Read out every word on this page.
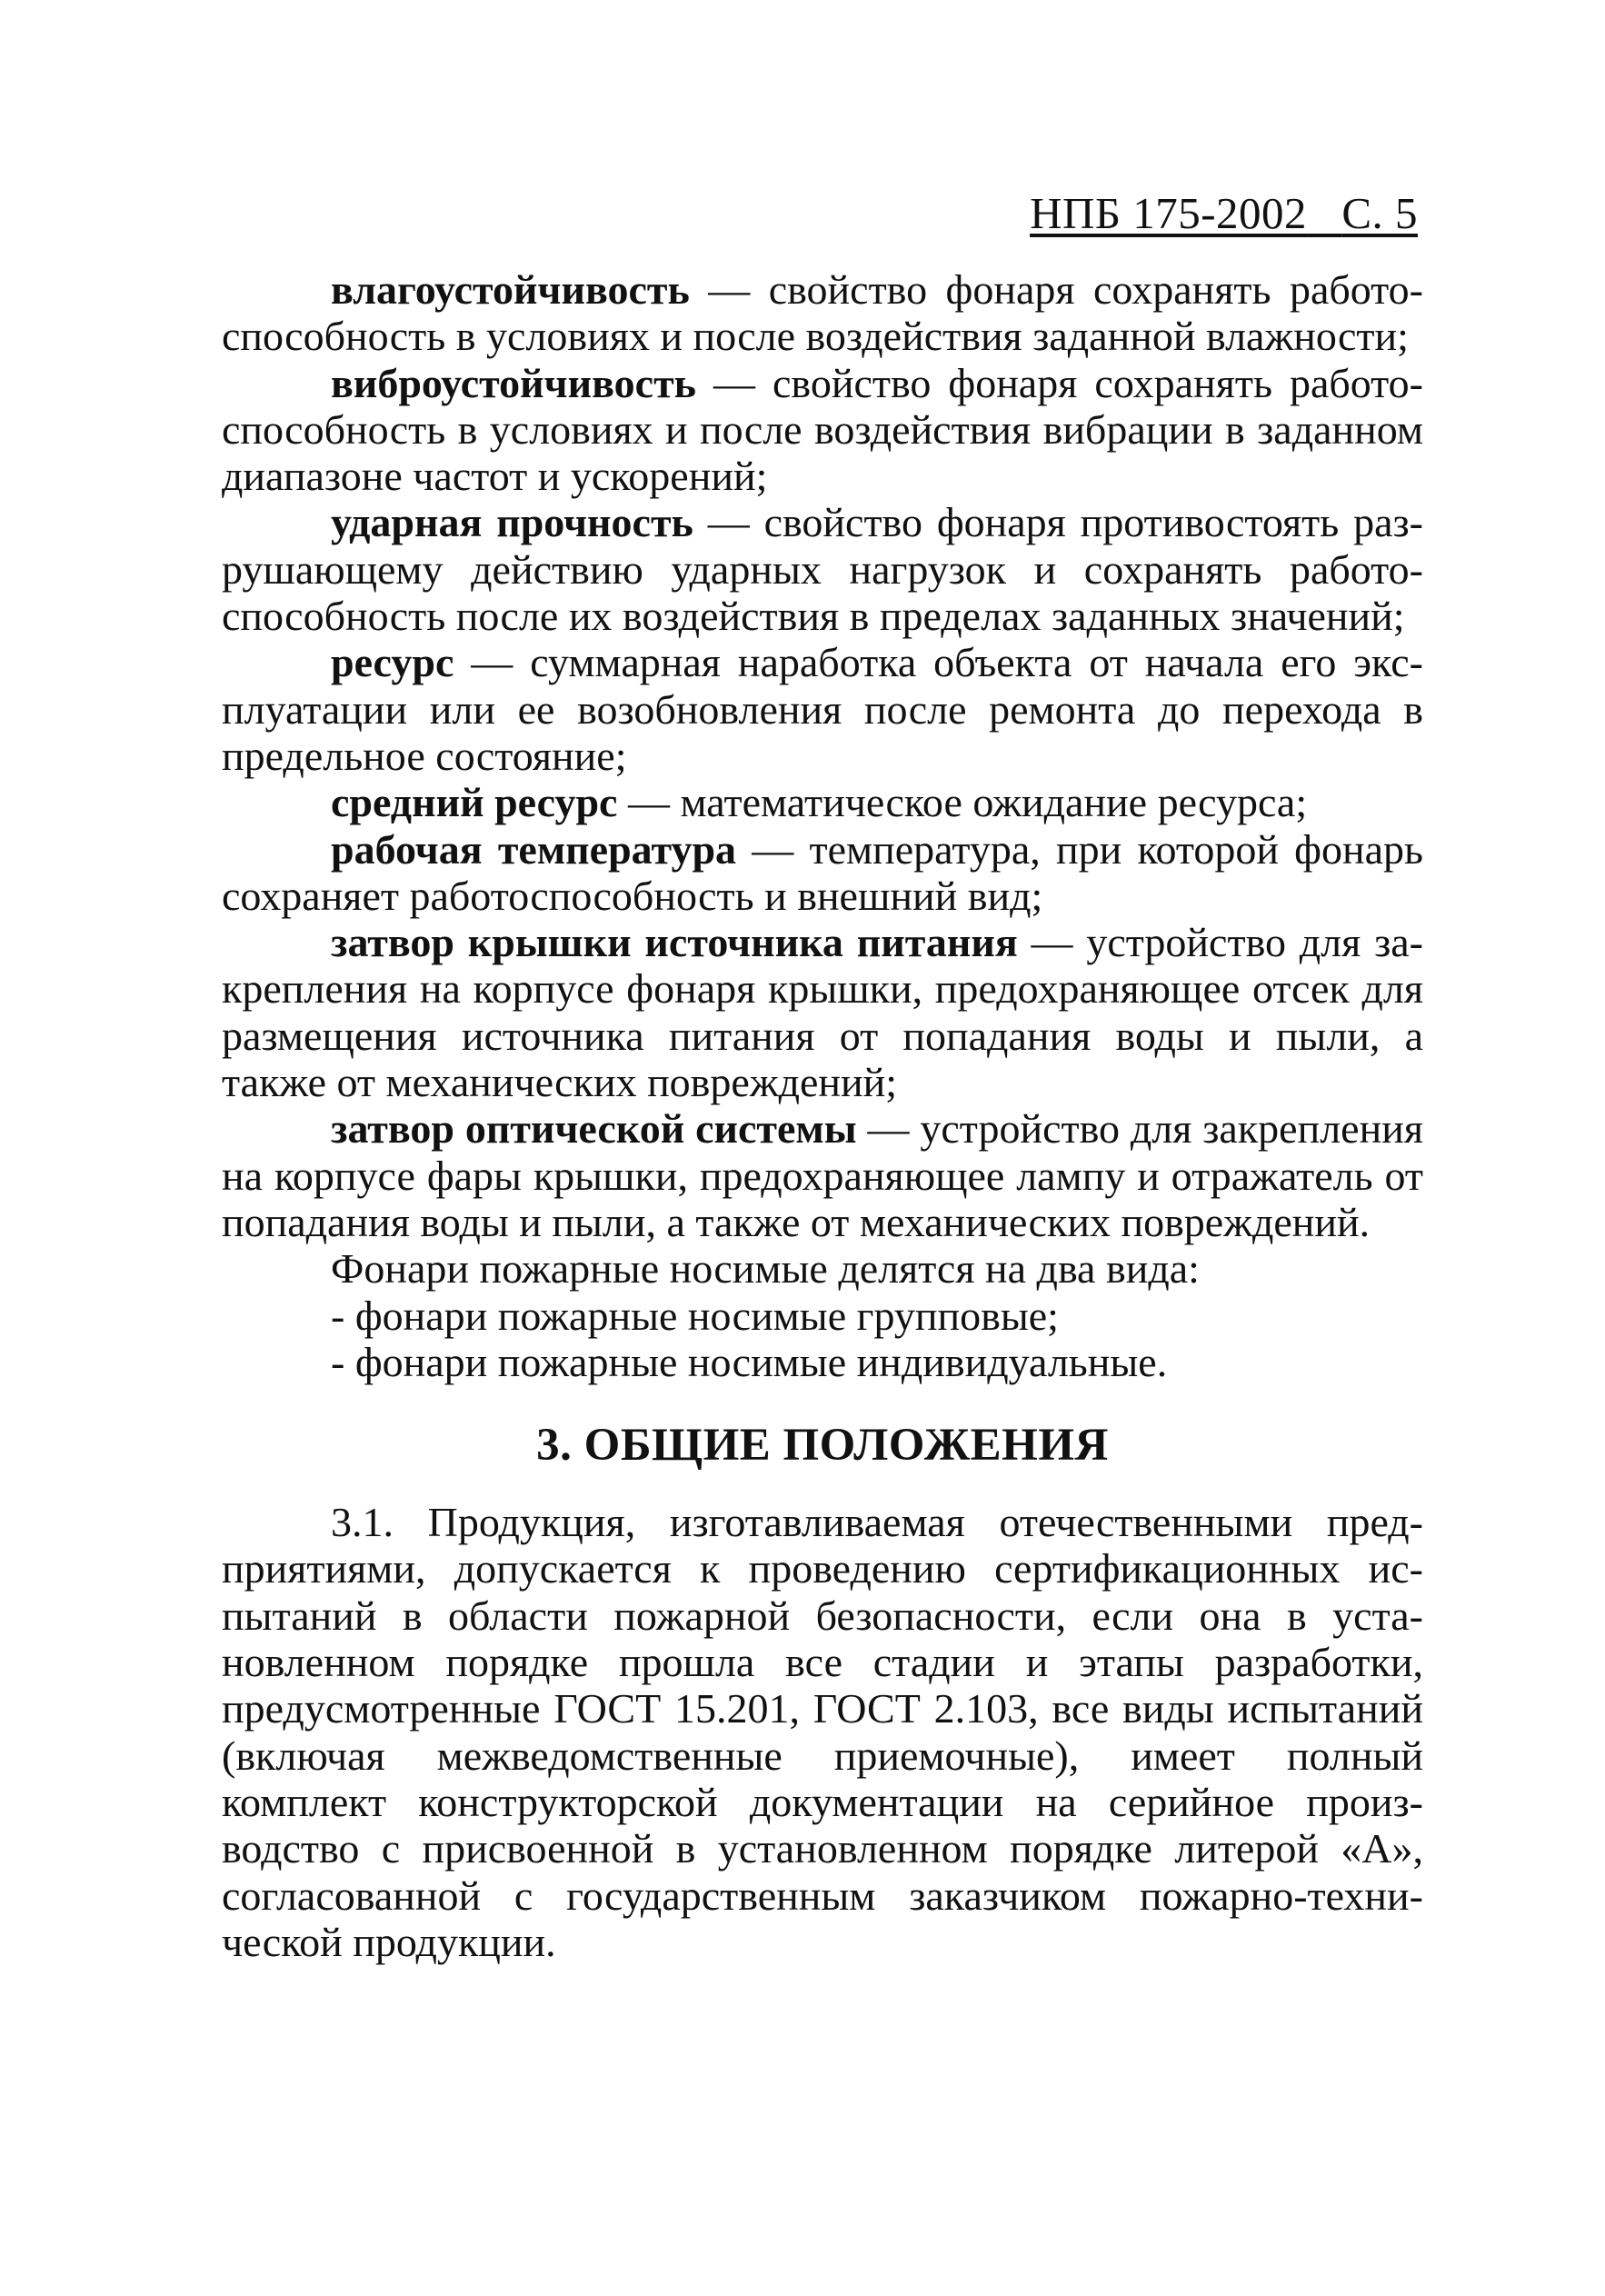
НПБ 175-2002 С. 5

влагоустойчивость — свойство фонаря сохранять работоспособность в условиях и после воздействия заданной влажности;

виброустойчивость — свойство фонаря сохранять работоспособность в условиях и после воздействия вибрации в заданном диапазоне частот и ускорений;

ударная прочность — свойство фонаря противостоять разрушающему действию ударных нагрузок и сохранять работоспособность после их воздействия в пределах заданных значений;

ресурс — суммарная наработка объекта от начала его эксплуатации или ее возобновления после ремонта до перехода в предельное состояние;

средний ресурс — математическое ожидание ресурса;

рабочая температура — температура, при которой фонарь сохраняет работоспособность и внешний вид;

затвор крышки источника питания — устройство для закрепления на корпусе фонаря крышки, предохраняющее отсек для размещения источника питания от попадания воды и пыли, а также от механических повреждений;

затвор оптической системы — устройство для закрепления на корпусе фары крышки, предохраняющее лампу и отражатель от попадания воды и пыли, а также от механических повреждений.

Фонари пожарные носимые делятся на два вида:

- фонари пожарные носимые групповые;

- фонари пожарные носимые индивидуальные.

3. ОБЩИЕ ПОЛОЖЕНИЯ

3.1. Продукция, изготавливаемая отечественными предприятиями, допускается к проведению сертификационных испытаний в области пожарной безопасности, если она в установленном порядке прошла все стадии и этапы разработки, предусмотренные ГОСТ 15.201, ГОСТ 2.103, все виды испытаний (включая межведомственные приемочные), имеет полный комплект конструкторской документации на серийное производство с присвоенной в установленном порядке литерой «А», согласованной с государственным заказчиком пожарно-технической продукции.
